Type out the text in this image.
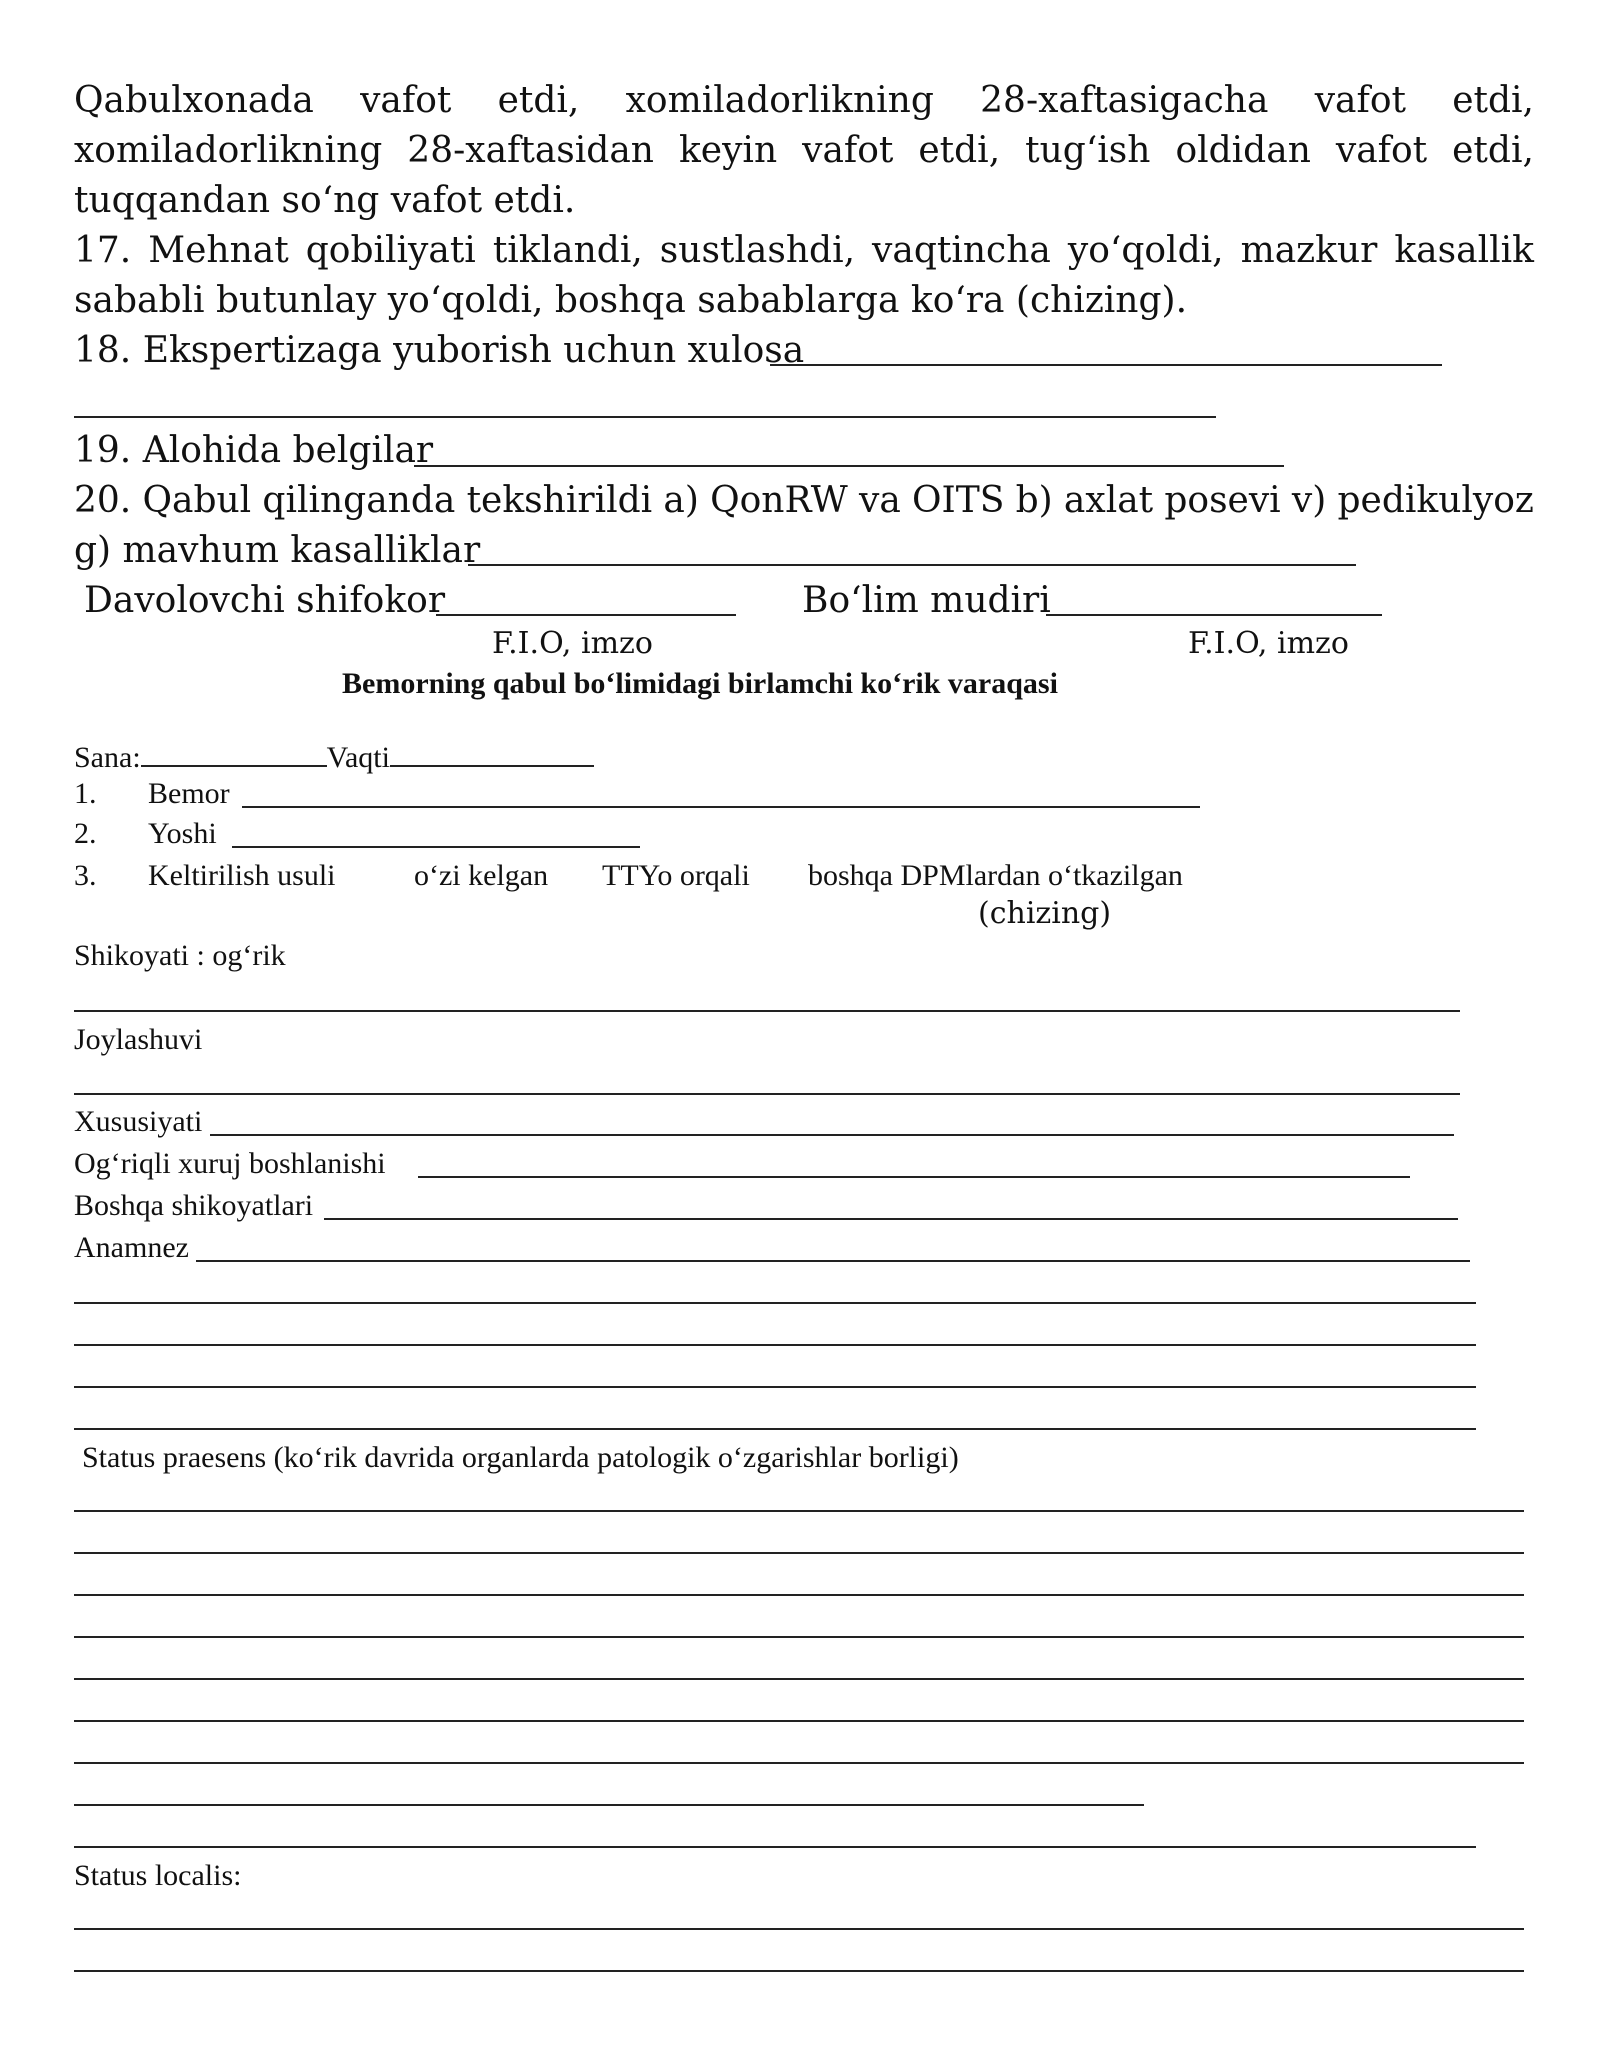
Qabulxonada vafot etdi, xomiladorlikning 28-xaftasigacha vafot etdi,
xomiladorlikning 28-xaftasidan keyin vafot etdi, tug‘ish oldidan vafot etdi,
tuqqandan so‘ng vafot etdi.
17. Mehnat qobiliyati tiklandi, sustlashdi, vaqtincha yo‘qoldi, mazkur kasallik
sababli butunlay yo‘qoldi, boshqa sabablarga ko‘ra (chizing).
18. Ekspertizaga yuborish uchun xulosa
19. Alohida belgilar
20. Qabul qilinganda tekshirildi a) QonRW va OITS b) axlat posevi v) pedikulyoz
g) mavhum kasalliklar
Davolovchi shifokor	Bo‘lim mudiri
F.I.O, imzo	F.I.O, imzo
Bemorning qabul bo‘limidagi birlamchi ko‘rik varaqasi
Sana:	Vaqti
1. Bemor
2. Yoshi
3. Keltirilish usuli	o‘zi kelgan TTYo orqali boshqa DPMlardan o‘tkazilgan
(chizing)
Shikoyati : og‘rik
Joylashuvi
Xususiyati
Og‘riqli xuruj boshlanishi
Boshqa shikoyatlari
Anamnez
Status praesens (ko‘rik davrida organlarda patologik o‘zgarishlar borligi)
Status localis:
